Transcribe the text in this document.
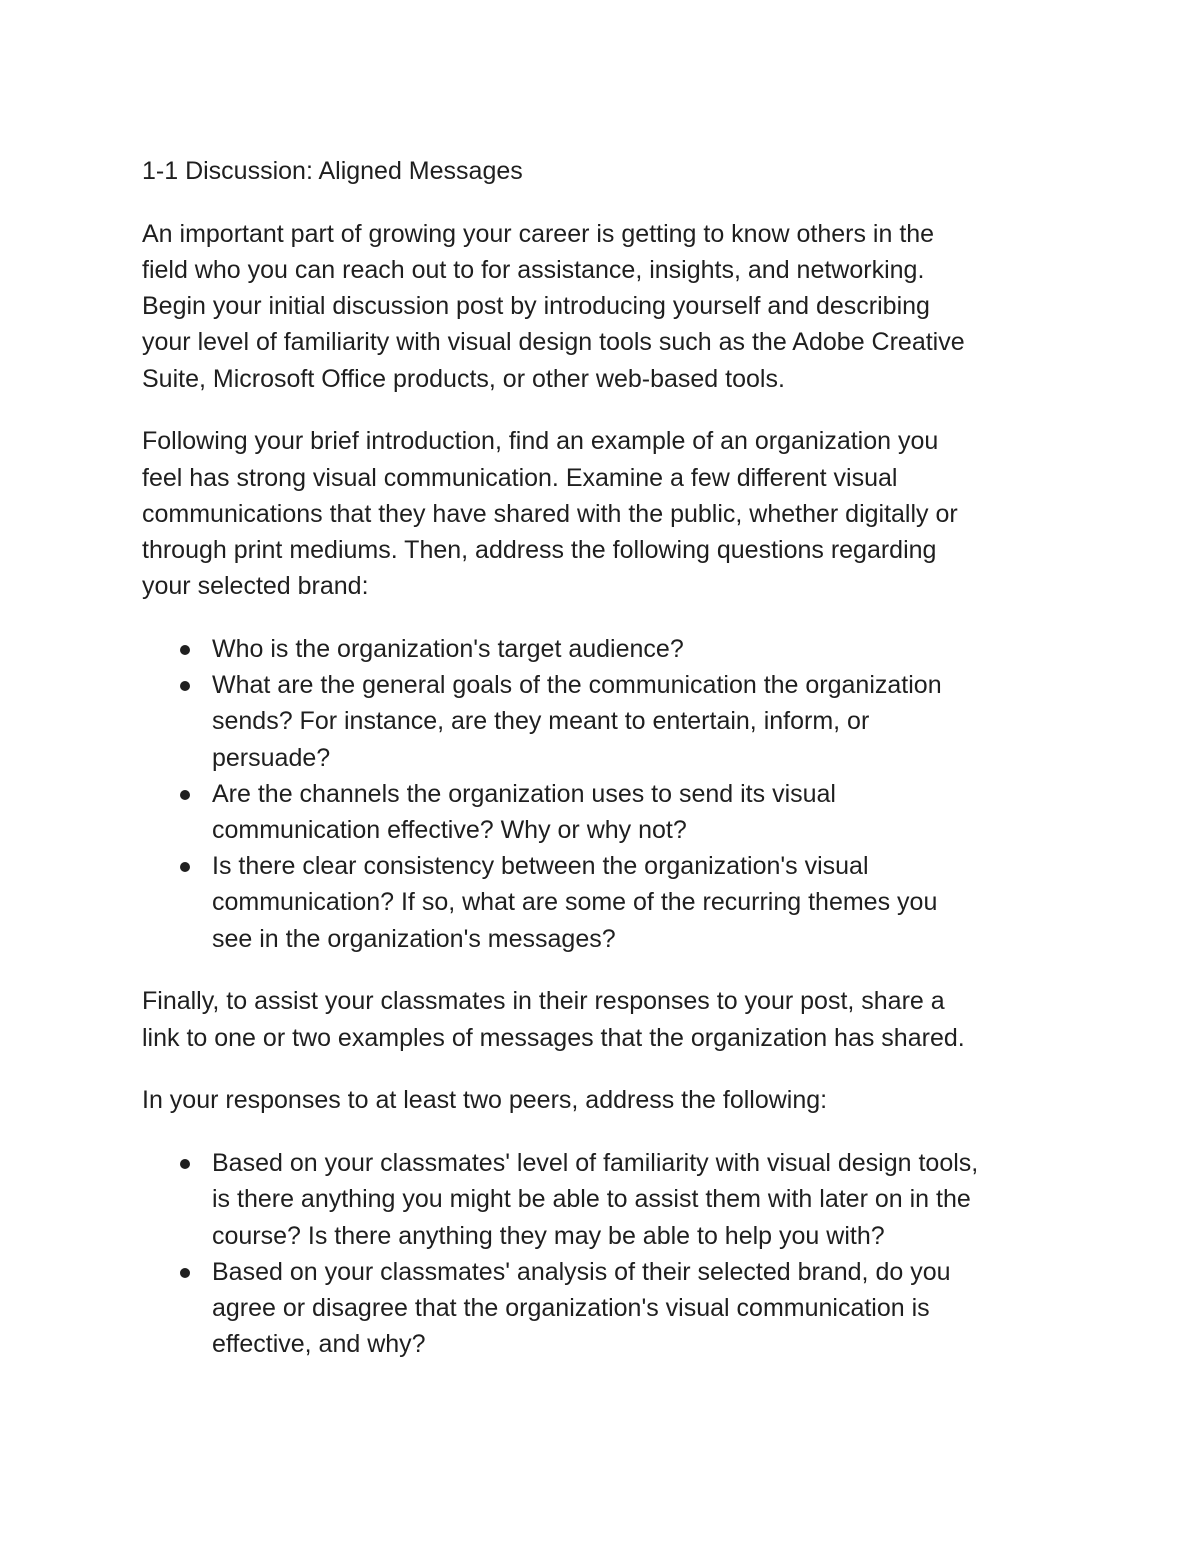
1-1 Discussion: Aligned Messages

An important part of growing your career is getting to know others in the
field who you can reach out to for assistance, insights, and networking.
Begin your initial discussion post by introducing yourself and describing
your level of familiarity with visual design tools such as the Adobe Creative
Suite, Microsoft Office products, or other web-based tools.

Following your brief introduction, find an example of an organization you
feel has strong visual communication. Examine a few different visual
communications that they have shared with the public, whether digitally or
through print mediums. Then, address the following questions regarding
your selected brand:

Who is the organization's target audience?
What are the general goals of the communication the organization
sends? For instance, are they meant to entertain, inform, or
persuade?
Are the channels the organization uses to send its visual
communication effective? Why or why not?
Is there clear consistency between the organization's visual
communication? If so, what are some of the recurring themes you
see in the organization's messages?

Finally, to assist your classmates in their responses to your post, share a
link to one or two examples of messages that the organization has shared.

In your responses to at least two peers, address the following:

Based on your classmates' level of familiarity with visual design tools,
is there anything you might be able to assist them with later on in the
course? Is there anything they may be able to help you with?
Based on your classmates' analysis of their selected brand, do you
agree or disagree that the organization's visual communication is
effective, and why?
